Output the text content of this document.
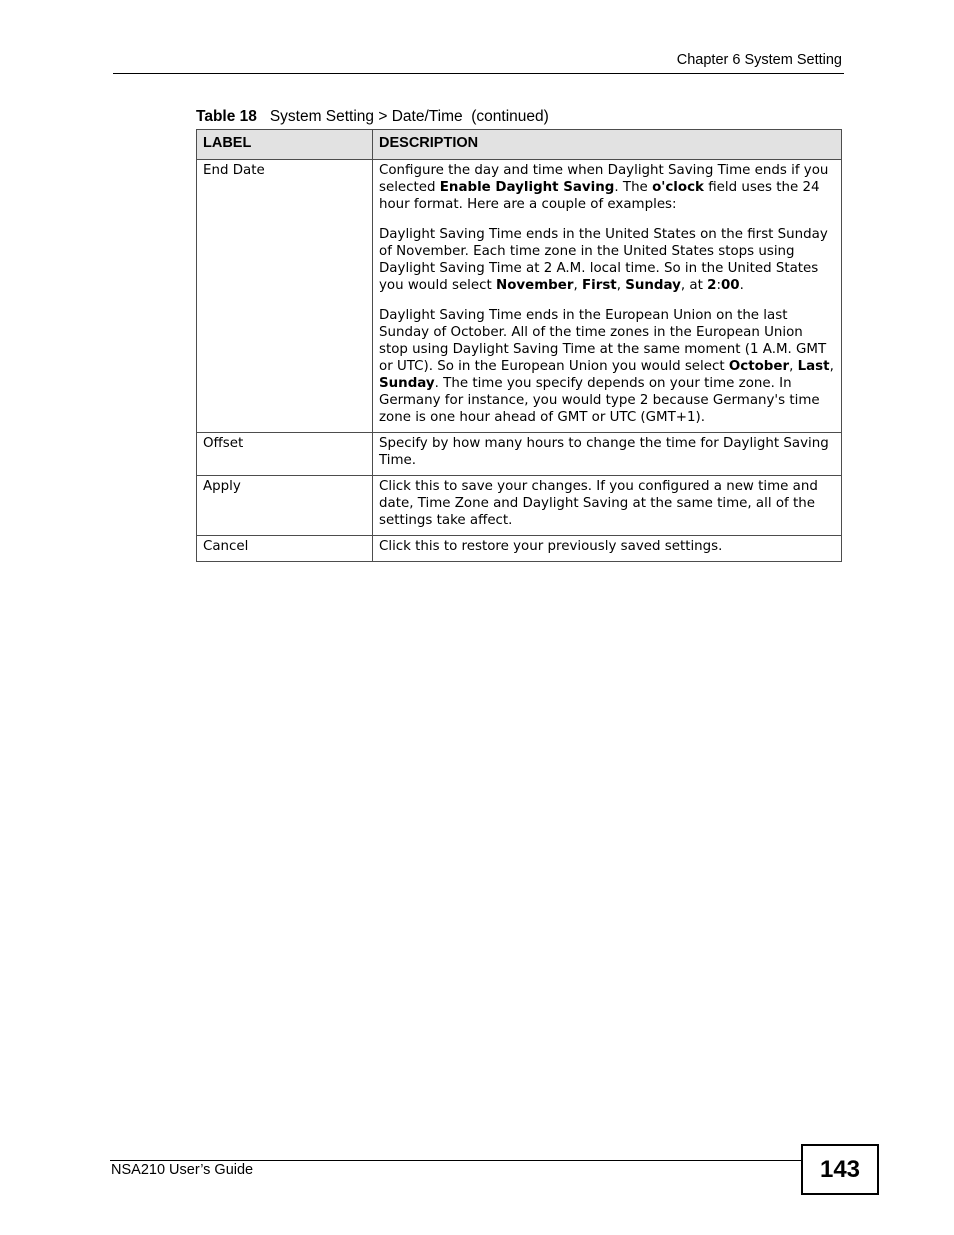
Chapter 6 System Setting
Table 18 System Setting > Date/Time  (continued)
LABEL	DESCRIPTION
End Date	Configure the day and time when Daylight Saving Time ends if you selected Enable Daylight Saving. The o'clock field uses the 24 hour format. Here are a couple of examples:

Daylight Saving Time ends in the United States on the first Sunday of November. Each time zone in the United States stops using Daylight Saving Time at 2 A.M. local time. So in the United States you would select November, First, Sunday, at 2:00.

Daylight Saving Time ends in the European Union on the last Sunday of October. All of the time zones in the European Union stop using Daylight Saving Time at the same moment (1 A.M. GMT or UTC). So in the European Union you would select October, Last, Sunday. The time you specify depends on your time zone. In Germany for instance, you would type 2 because Germany's time zone is one hour ahead of GMT or UTC (GMT+1).

Offset	Specify by how many hours to change the time for Daylight Saving Time.
Apply	Click this to save your changes. If you configured a new time and date, Time Zone and Daylight Saving at the same time, all of the settings take affect.
Cancel	Click this to restore your previously saved settings.
NSA210 User’s Guide	143
